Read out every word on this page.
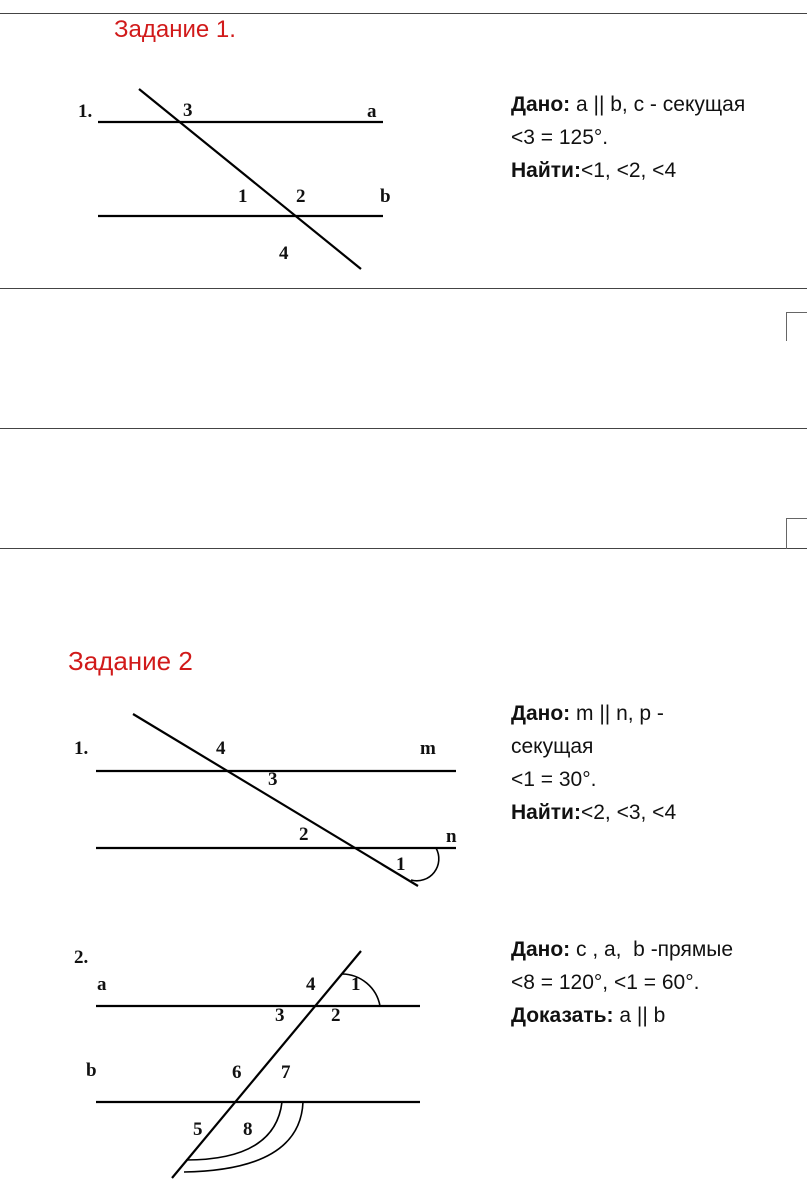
Задание 1.
Задание 2
1.	3	a
1	2	b
4
1.	4	m
3
2	n
1
2.
a	4 1
3 2
b	6 7
5 8
Дано: a || b, c - секущая
<3 = 125°.
Найти:<1, <2, <4
Дано: m || n, p -
секущая
<1 = 30°.
Найти:<2, <3, <4
Дано: c , a,  b -прямые
<8 = 120°, <1 = 60°.
Доказать: a || b
